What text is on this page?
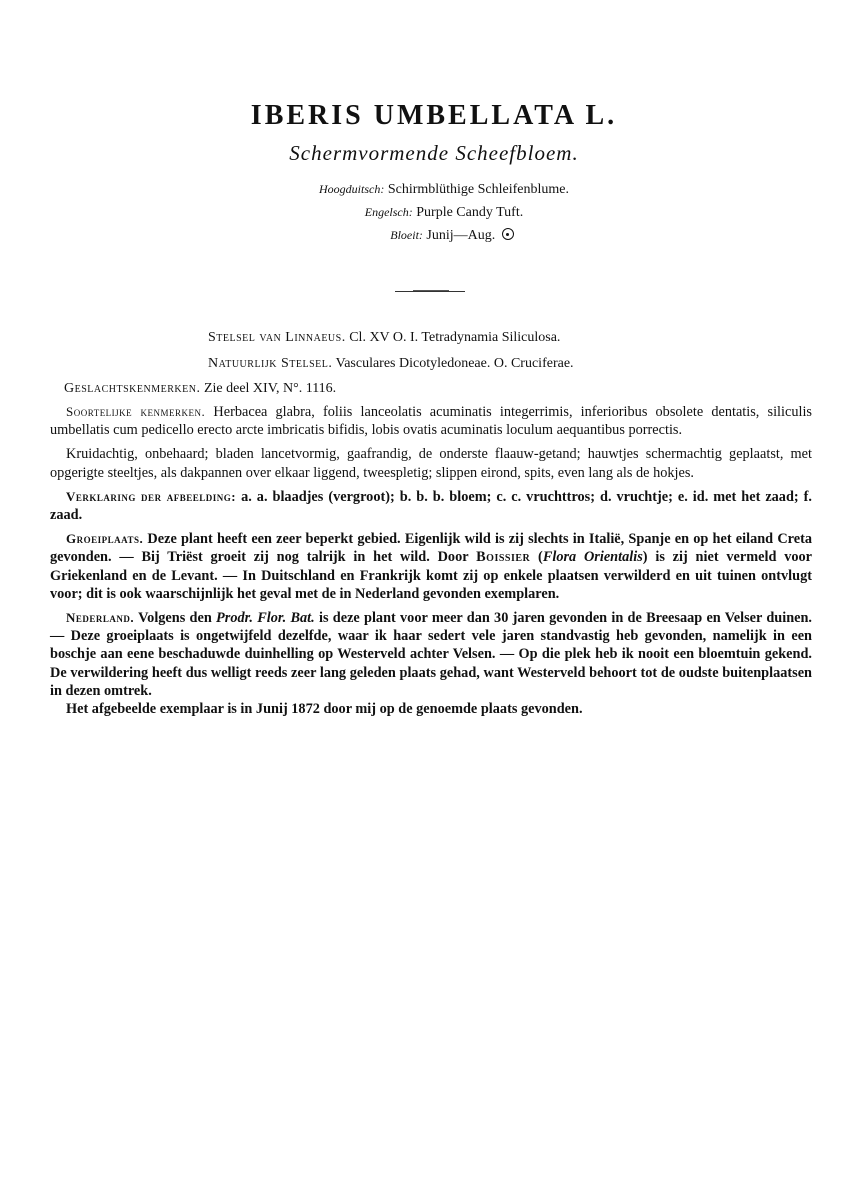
IBERIS UMBELLATA L.
Schermvormende Scheefbloem.
Hoogduitsch: Schirmblüthige Schleifenblume.
Engelsch: Purple Candy Tuft.
Bloeit: Junij—Aug.
Stelsel van Linnaeus. Cl. XV O. I. Tetradynamia Siliculosa.
Natuurlijk Stelsel. Vasculares Dicotyledoneae. O. Cruciferae.
Geslachtskenmerken. Zie deel XIV, N°. 1116.

Soortelijke kenmerken. Herbacea glabra, foliis lanceolatis acuminatis integerrimis, inferioribus obsolete dentatis, siliculis umbellatis cum pedicello erecto arcte imbricatis bifidis, lobis ovatis acuminatis loculum aequantibus porrectis.

Kruidachtig, onbehaard; bladen lancetvormig, gaafrandig, de onderste flaauw-getand; hauwtjes schermachtig geplaatst, met opgerigte steeltjes, als dakpannen over elkaar liggend, tweespletig; slippen eirond, spits, even lang als de hokjes.

Verklaring der afbeelding: a. a. blaadjes (vergroot); b. b. b. bloem; c. c. vruchttros; d. vruchtje; e. id. met het zaad; f. zaad.

Groeiplaats. Deze plant heeft een zeer beperkt gebied. Eigenlijk wild is zij slechts in Italië, Spanje en op het eiland Creta gevonden. — Bij Triëst groeit zij nog talrijk in het wild. Door Boissier (Flora Orientalis) is zij niet vermeld voor Griekenland en de Levant. — In Duitschland en Frankrijk komt zij op enkele plaatsen verwilderd en uit tuinen ontvlugt voor; dit is ook waarschijnlijk het geval met de in Nederland gevonden exemplaren.

Nederland. Volgens den Prodr. Flor. Bat. is deze plant voor meer dan 30 jaren gevonden in de Breesaap en Velser duinen. — Deze groeiplaats is ongetwijfeld dezelfde, waar ik haar sedert vele jaren standvastig heb gevonden, namelijk in een boschje aan eene beschaduwde duinhelling op Westerveld achter Velsen. — Op die plek heb ik nooit een bloemtuin gekend. De verwildering heeft dus welligt reeds zeer lang geleden plaats gehad, want Westerveld behoort tot de oudste buitenplaatsen in dezen omtrek.

Het afgebeelde exemplaar is in Junij 1872 door mij op de genoemde plaats gevonden.
